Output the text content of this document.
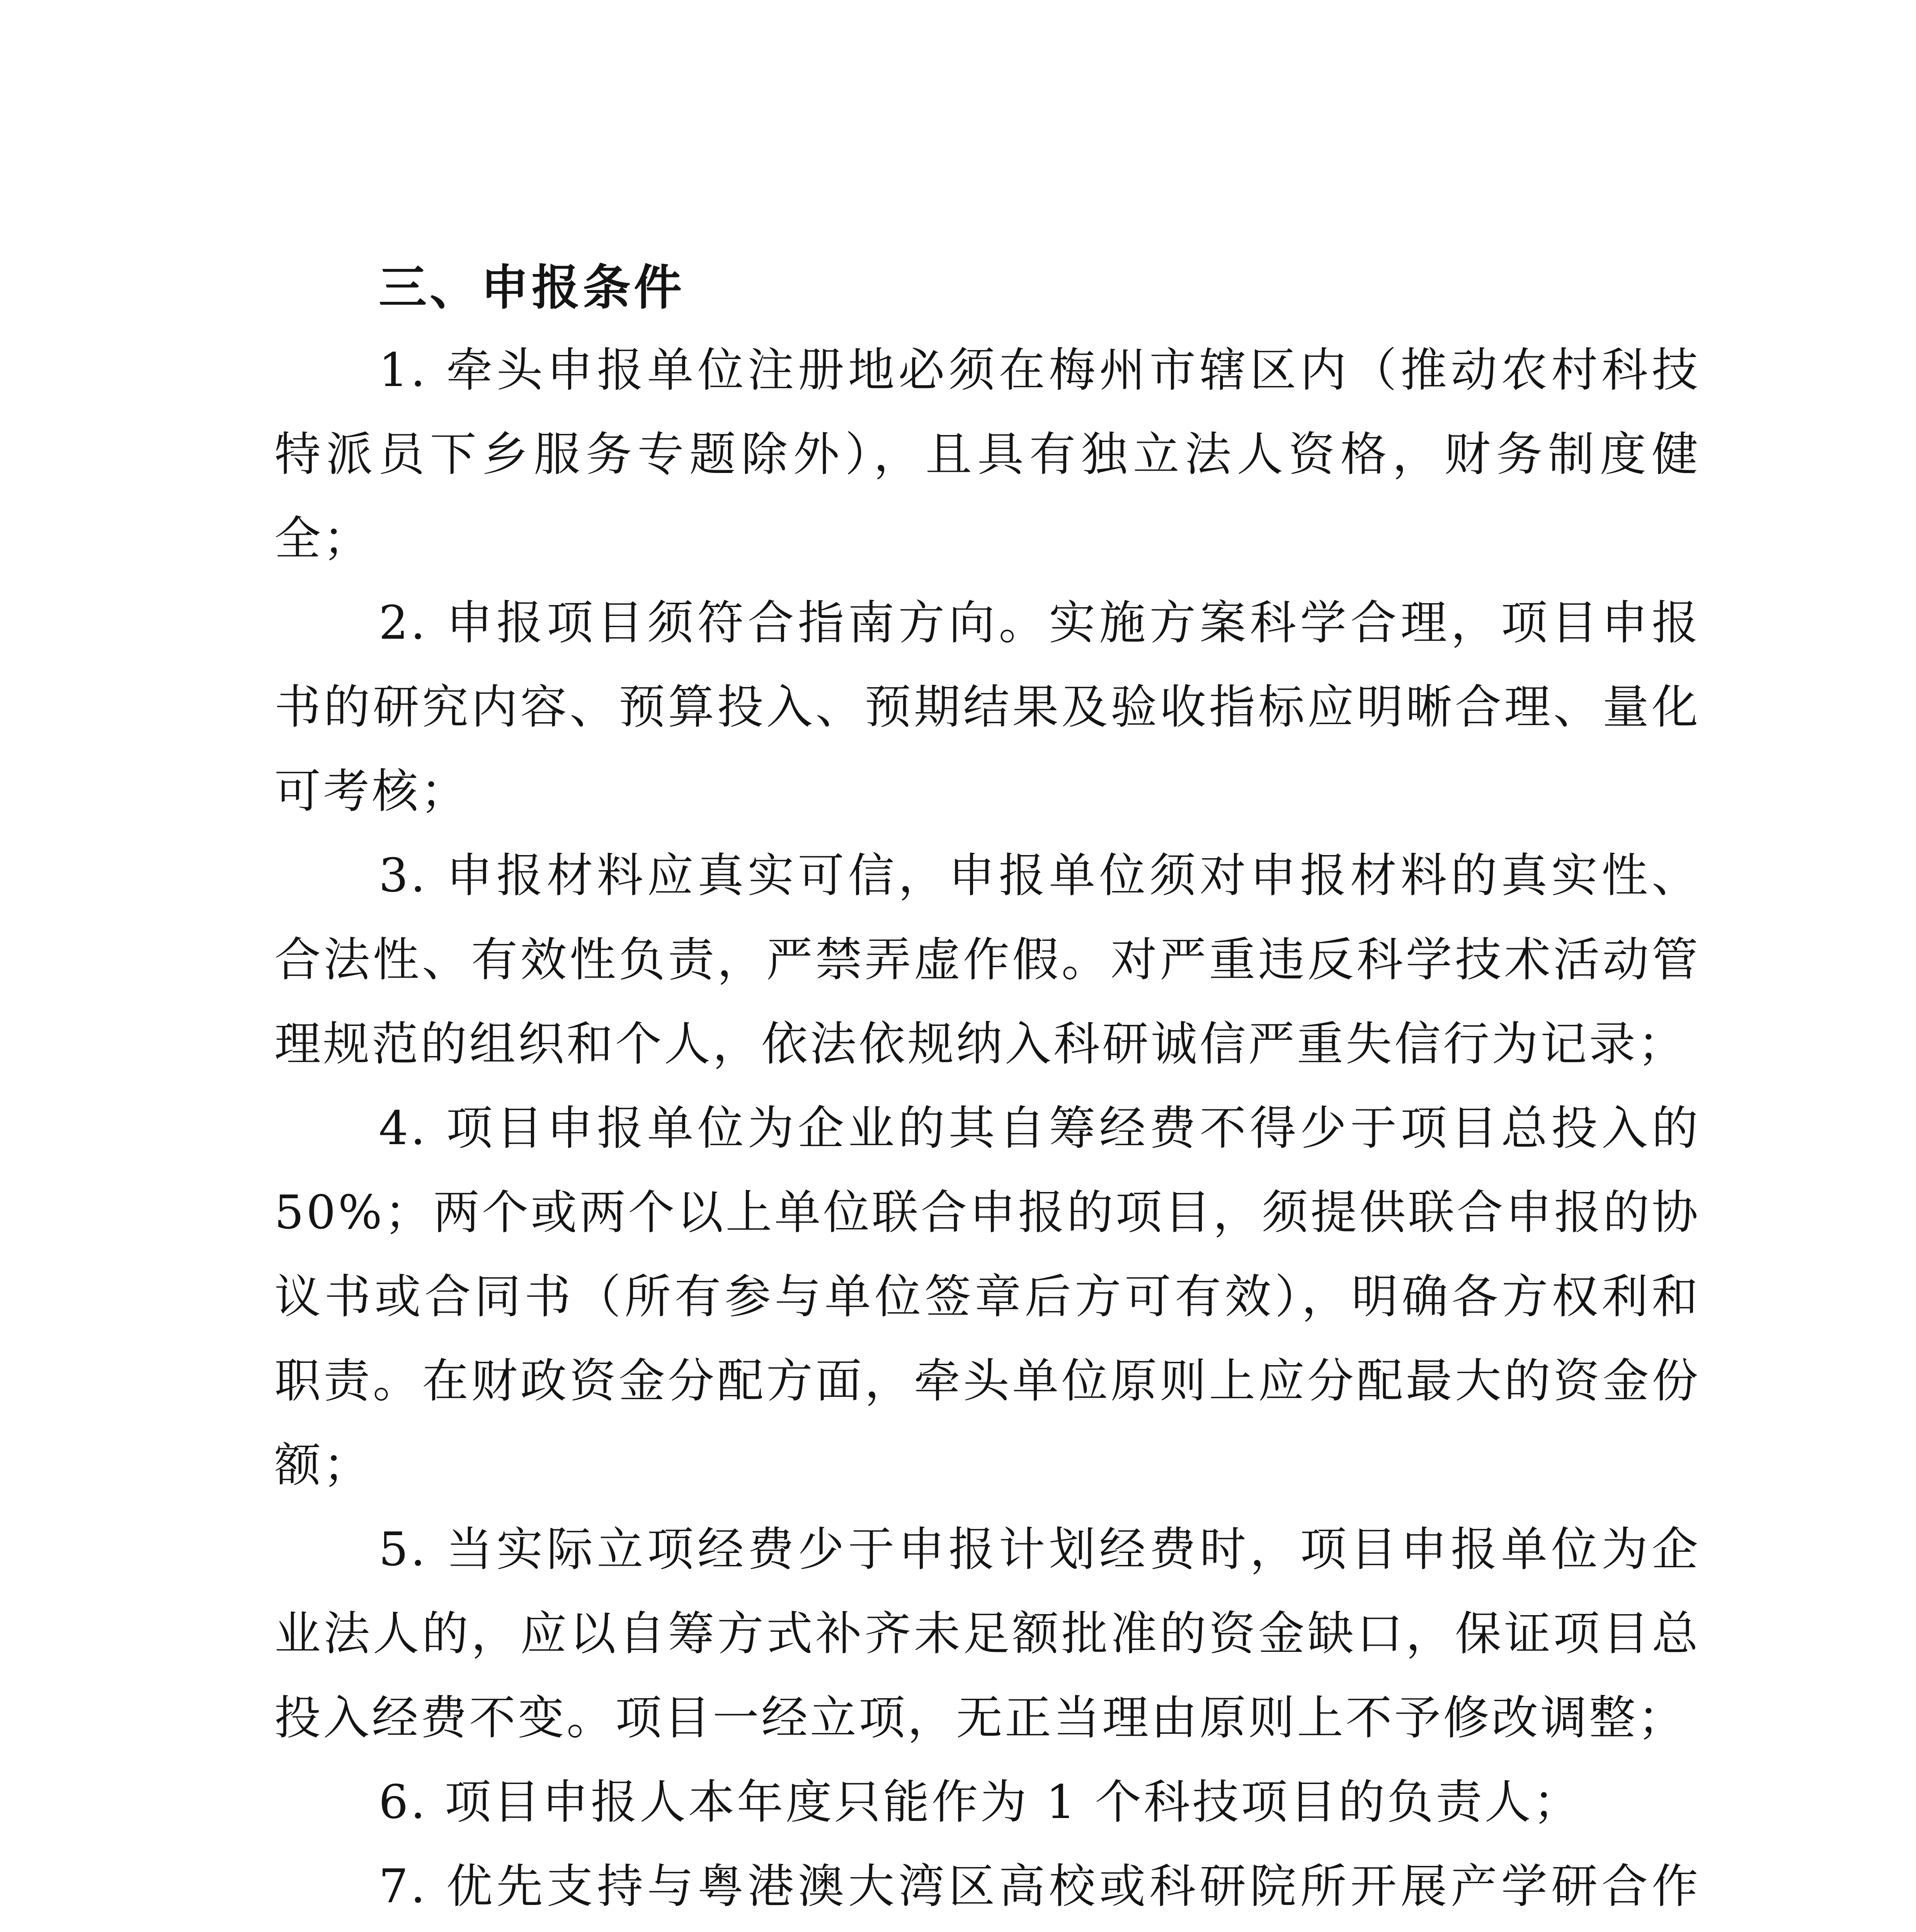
三、申报条件

1. 牵头申报单位注册地必须在梅州市辖区内（推动农村科技特派员下乡服务专题除外），且具有独立法人资格，财务制度健全；

2. 申报项目须符合指南方向。实施方案科学合理，项目申报书的研究内容、预算投入、预期结果及验收指标应明晰合理、量化可考核；

3. 申报材料应真实可信，申报单位须对申报材料的真实性、合法性、有效性负责，严禁弄虚作假。对严重违反科学技术活动管理规范的组织和个人，依法依规纳入科研诚信严重失信行为记录；

4. 项目申报单位为企业的其自筹经费不得少于项目总投入的 50%；两个或两个以上单位联合申报的项目，须提供联合申报的协议书或合同书（所有参与单位签章后方可有效），明确各方权利和职责。在财政资金分配方面，牵头单位原则上应分配最大的资金份额；

5. 当实际立项经费少于申报计划经费时，项目申报单位为企业法人的，应以自筹方式补齐未足额批准的资金缺口，保证项目总投入经费不变。项目一经立项，无正当理由原则上不予修改调整；

6. 项目申报人本年度只能作为 1 个科技项目的负责人；

7. 优先支持与粤港澳大湾区高校或科研院所开展产学研合作
